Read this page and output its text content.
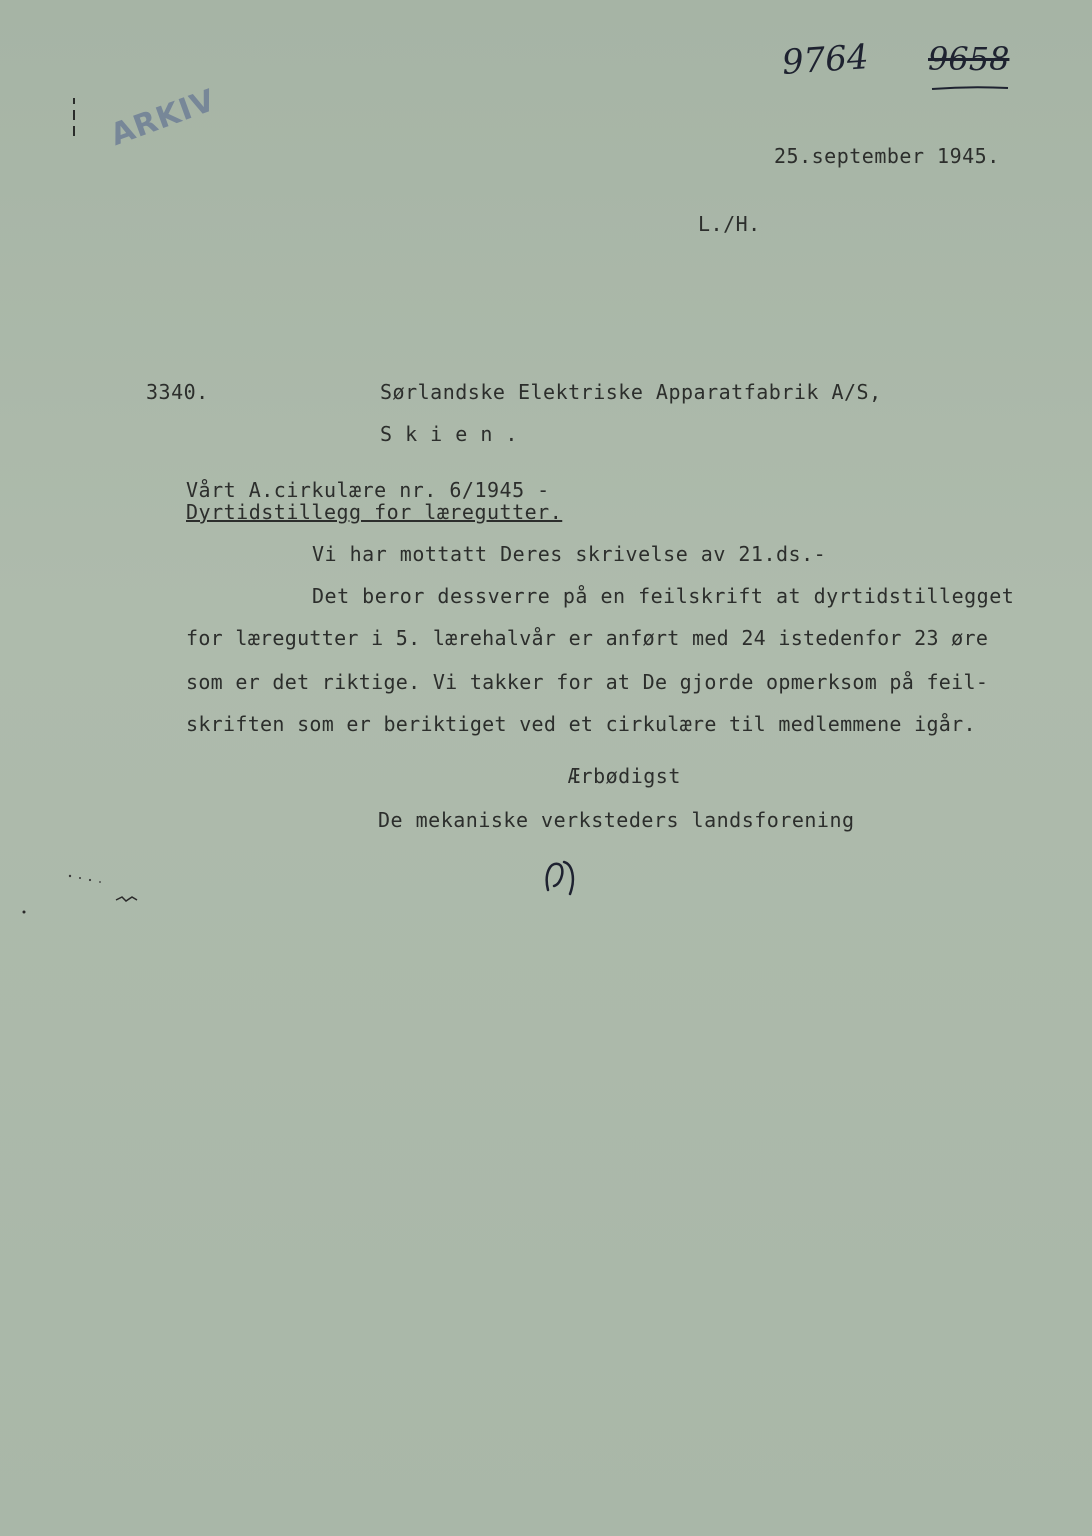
9764 9658
ARKIV
25.september 1945.
L./H.
3340.	Sørlandske Elektriske Apparatfabrik A/S,
S k i e n .
Vårt A.cirkulære nr. 6/1945 -
Dyrtidstillegg for læregutter.
Vi har mottatt Deres skrivelse av 21.ds.-
Det beror dessverre på en feilskrift at dyrtidstillegget
for læregutter i 5. lærehalvår er anført med 24 istedenfor 23 øre
som er det riktige. Vi takker for at De gjorde opmerksom på feil-
skriften som er beriktiget ved et cirkulære til medlemmene igår.
Ærbødigst
De mekaniske verksteders landsforening
